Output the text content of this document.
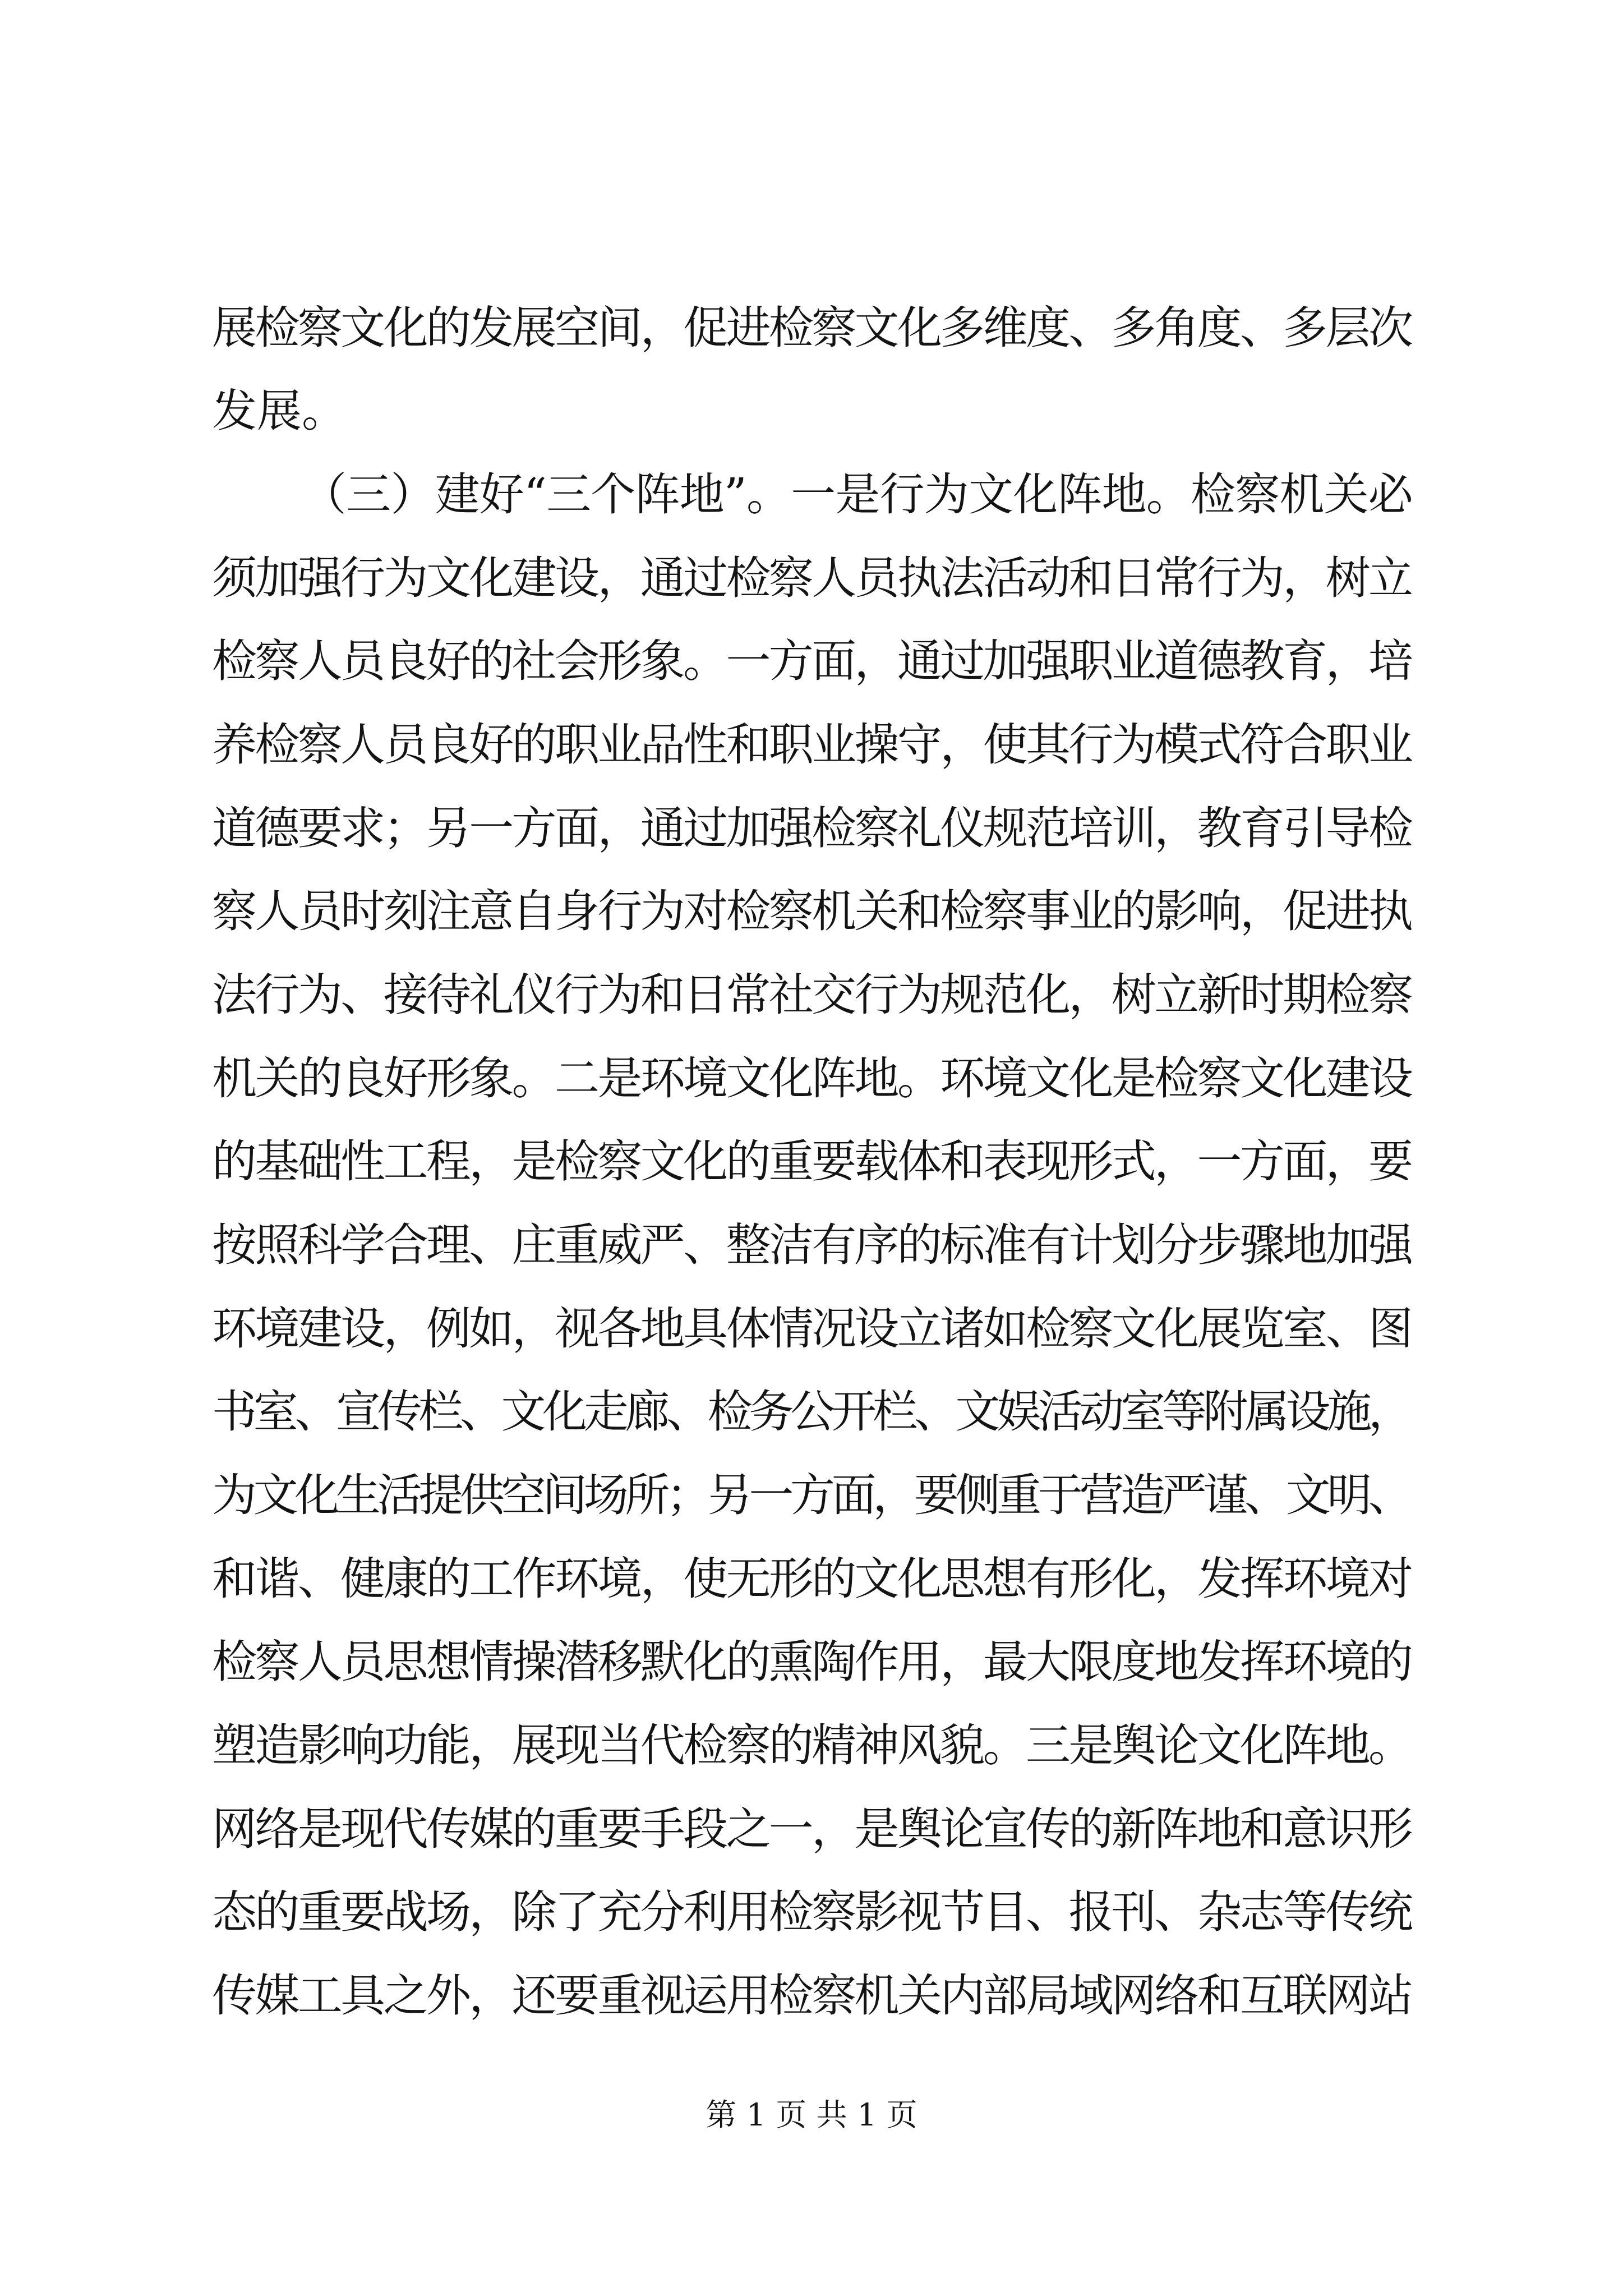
展检察文化的发展空间，促进检察文化多维度、多角度、多层次
发展。
（三）建好“三个阵地”。一是行为文化阵地。检察机关必
须加强行为文化建设，通过检察人员执法活动和日常行为，树立
检察人员良好的社会形象。一方面，通过加强职业道德教育，培
养检察人员良好的职业品性和职业操守，使其行为模式符合职业
道德要求；另一方面，通过加强检察礼仪规范培训，教育引导检
察人员时刻注意自身行为对检察机关和检察事业的影响，促进执
法行为、接待礼仪行为和日常社交行为规范化，树立新时期检察
机关的良好形象。二是环境文化阵地。环境文化是检察文化建设
的基础性工程，是检察文化的重要载体和表现形式，一方面，要
按照科学合理、庄重威严、整洁有序的标准有计划分步骤地加强
环境建设，例如，视各地具体情况设立诸如检察文化展览室、图
书室、宣传栏、文化走廊、检务公开栏、文娱活动室等附属设施，
为文化生活提供空间场所；另一方面，要侧重于营造严谨、文明、
和谐、健康的工作环境，使无形的文化思想有形化，发挥环境对
检察人员思想情操潜移默化的熏陶作用，最大限度地发挥环境的
塑造影响功能，展现当代检察的精神风貌。三是舆论文化阵地。
网络是现代传媒的重要手段之一，是舆论宣传的新阵地和意识形
态的重要战场，除了充分利用检察影视节目、报刊、杂志等传统
传媒工具之外，还要重视运用检察机关内部局域网络和互联网站
第 1 页 共 1 页
